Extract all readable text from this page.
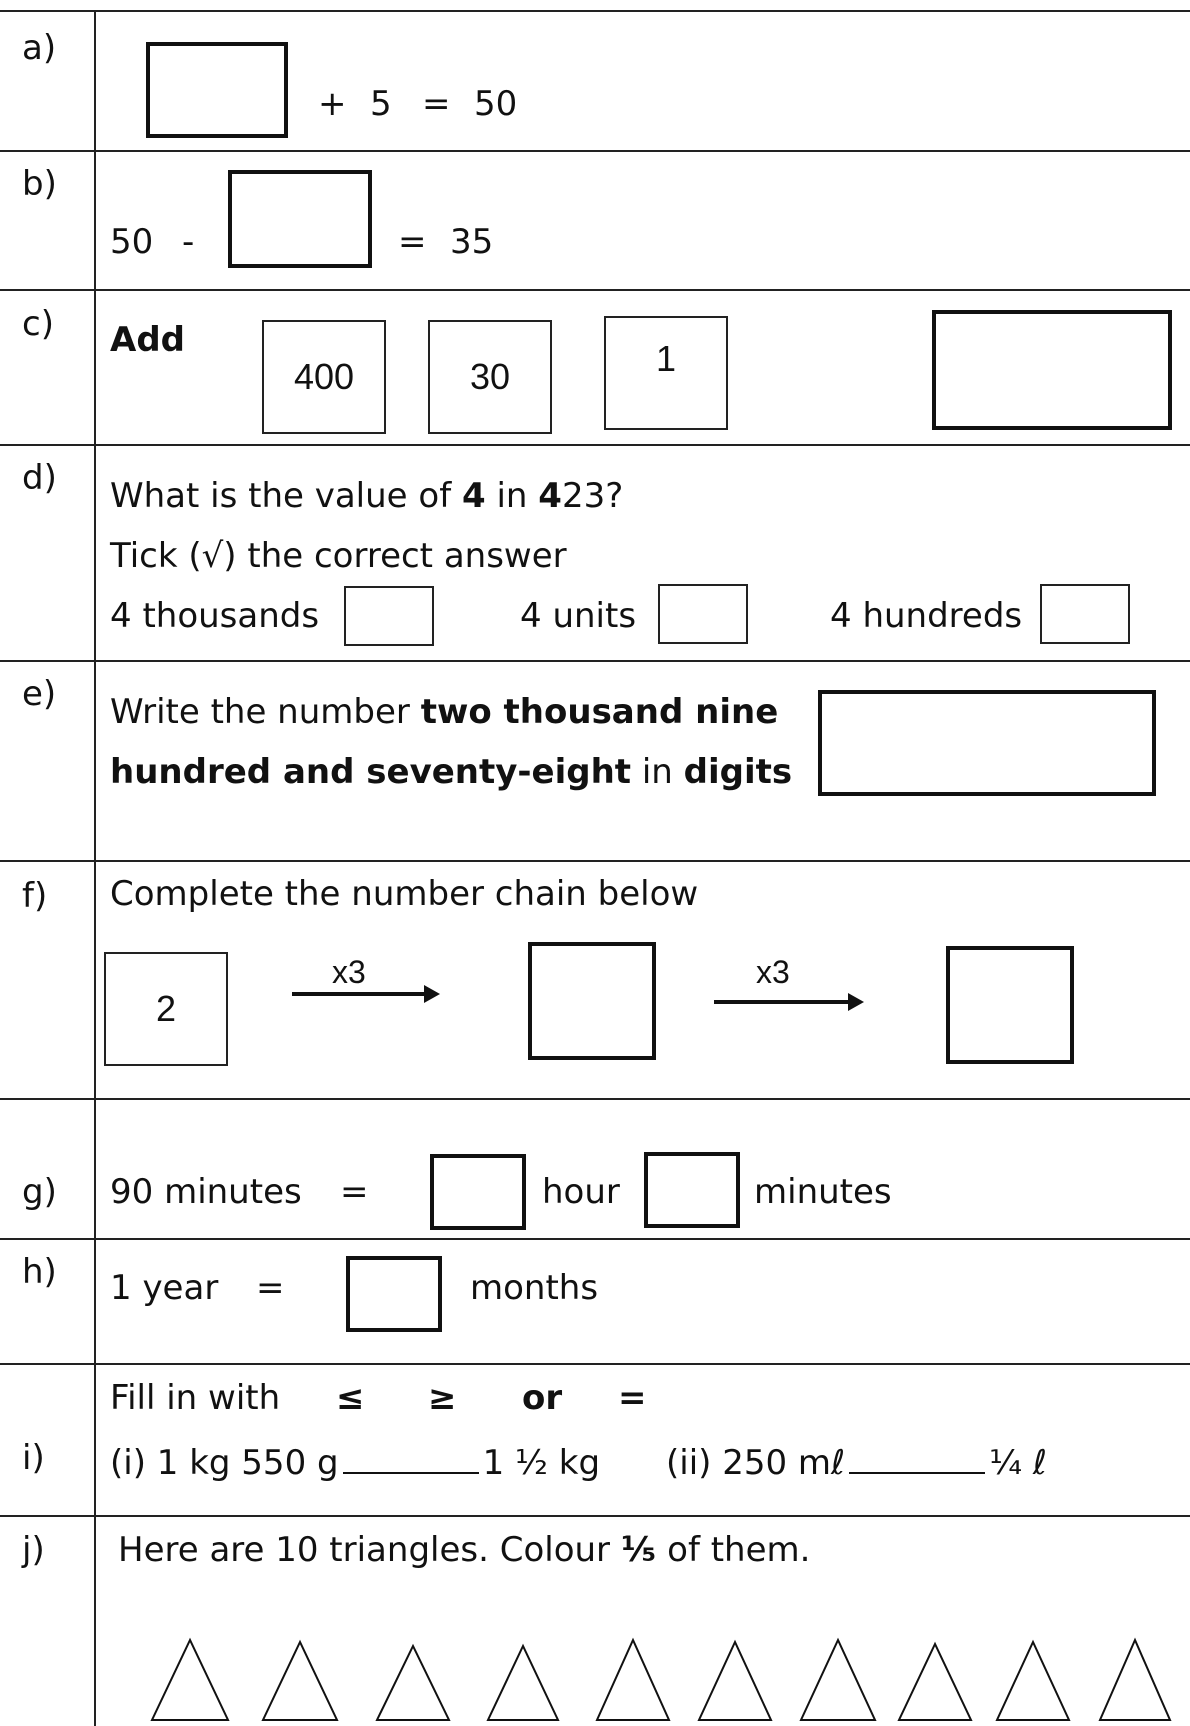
a)
+ 5 = 50
b)
50 -	= 35
c) Add
400	30	1
d) What is the value of 4 in 423?
Tick (√) the correct answer
4 thousands	4 units	4 hundreds
e) Write the number two thousand nine
hundred and seventy-eight in digits
f) Complete the number chain below
2
x3	x3
g) 90 minutes =	hour	minutes
h) 1 year =	months
i)
Fill in with ≤ ≥ or =
(i) 1 kg 550 g	1 ½ kg (ii) 250 mℓ	¼ ℓ
j) Here are 10 triangles. Colour ¹⁄₅ of them.
